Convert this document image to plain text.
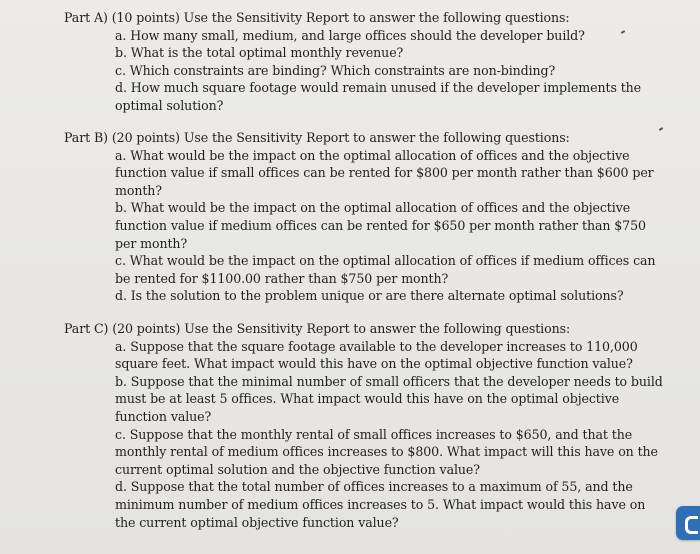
Part A) (10 points) Use the Sensitivity Report to answer the following questions:
a. How many small, medium, and large offices should the developer build?
b. What is the total optimal monthly revenue?
c. Which constraints are binding? Which constraints are non-binding?
d. How much square footage would remain unused if the developer implements the optimal solution?
Part B) (20 points) Use the Sensitivity Report to answer the following questions:
a. What would be the impact on the optimal allocation of offices and the objective function value if small offices can be rented for $800 per month rather than $600 per month?
b. What would be the impact on the optimal allocation of offices and the objective function value if medium offices can be rented for $650 per month rather than $750 per month?
c. What would be the impact on the optimal allocation of offices if medium offices can be rented for $1100.00 rather than $750 per month?
d. Is the solution to the problem unique or are there alternate optimal solutions?
Part C) (20 points) Use the Sensitivity Report to answer the following questions:
a. Suppose that the square footage available to the developer increases to 110,000 square feet. What impact would this have on the optimal objective function value?
b. Suppose that the minimal number of small officers that the developer needs to build must be at least 5 offices. What impact would this have on the optimal objective function value?
c. Suppose that the monthly rental of small offices increases to $650, and that the monthly rental of medium offices increases to $800. What impact will this have on the current optimal solution and the objective function value?
d. Suppose that the total number of offices increases to a maximum of 55, and the minimum number of medium offices increases to 5. What impact would this have on the current optimal objective function value?
